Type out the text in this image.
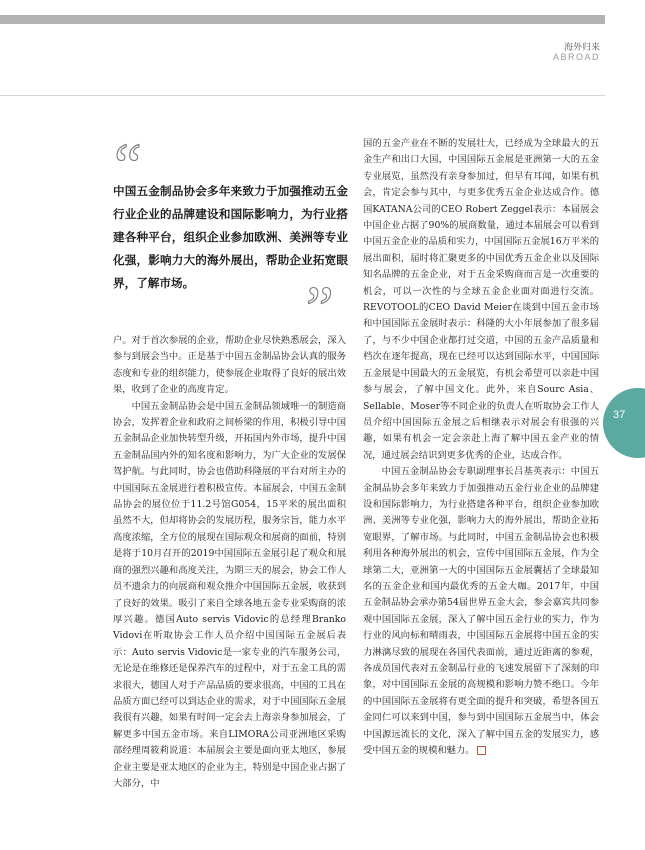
海外归来
ABROAD
“
中国五金制品协会多年来致力于加强推动五金行业企业的品牌建设和国际影响力，为行业搭建各种平台，组织企业参加欧洲、美洲等专业化强，影响力大的海外展出，帮助企业拓宽眼界，了解市场。	”

户。对于首次参展的企业，帮助企业尽快熟悉展会，深入参与到展会当中。正是基于中国五金制品协会认真的服务态度和专业的组织能力，使参展企业取得了良好的展出效果，收到了企业的高度肯定。

中国五金制品协会是中国五金制品领域唯一的制造商协会，发挥着企业和政府之间桥梁的作用，积极引导中国五金制品企业加快转型升级，开拓国内外市场，提升中国五金制品国内外的知名度和影响力，为广大企业的发展保驾护航。与此同时，协会也借助科隆展的平台对所主办的中国国际五金展进行着积极宣传。本届展会，中国五金制品协会的展位位于11.2号馆G054，15平米的展出面积虽然不大，但却将协会的发展历程，服务宗旨，能力水平高度浓缩，全方位的展现在国际观众和展商的面前，特别是将于10月召开的2019中国国际五金展引起了观众和展商的强烈兴趣和高度关注，为期三天的展会，协会工作人员不遗余力的向展商和观众推介中国国际五金展，收获到了良好的效果。吸引了来自全球各地五金专业采购商的浓厚兴趣。德国Auto servis Vidovic的总经理Branko Vidovi在听取协会工作人员介绍中国国际五金展后表示：Auto servis Vidovic是一家专业的汽车服务公司，无论是在维修还是保养汽车的过程中，对于五金工具的需求很大，德国人对于产品品质的要求很高，中国的工具在品质方面已经可以到达企业的需求，对于中国国际五金展我很有兴趣，如果有时间一定会去上海亲身参加展会，了解更多中国五金市场。来自LIMORA公司亚洲地区采购部经理周筱莉说道：本届展会主要是面向亚太地区，参展企业主要是亚太地区的企业为主，特别是中国企业占据了大部分，中

国的五金产业在不断的发展壮大，已经成为全球最大的五金生产和出口大国，中国国际五金展是亚洲第一大的五金专业展览，虽然没有亲身参加过，但早有耳闻，如果有机会，肯定会参与其中，与更多优秀五金企业达成合作。德国KATANA公司的CEO Robert Zeggel表示：本届展会中国企业占据了90%的展商数量，通过本届展会可以看到中国五金企业的品质和实力，中国国际五金展16万平米的展出面积，届时将汇聚更多的中国优秀五金企业以及国际知名品牌的五金企业，对于五金采购商而言是一次重要的机会，可以一次性的与全球五金企业面对面进行交流。REVOTOOL的CEO David Meier在谈到中国五金市场和中国国际五金展时表示：科隆的大小年展参加了很多届了，与不少中国企业都打过交道，中国的五金产品质量和档次在逐年提高，现在已经可以达到国际水平，中国国际五金展是中国最大的五金展览，有机会希望可以亲赴中国参与展会，了解中国文化。此外，来自Sourc Asia、Sellable、Moser等不同企业的负责人在听取协会工作人员介绍中国国际五金展之后相继表示对展会有很强的兴趣，如果有机会一定会亲赴上海了解中国五金产业的情况，通过展会结识到更多优秀的企业，达成合作。

中国五金制品协会专职副理事长吕基英表示：中国五金制品协会多年来致力于加强推动五金行业企业的品牌建设和国际影响力，为行业搭建各种平台，组织企业参加欧洲、美洲等专业化强，影响力大的海外展出，帮助企业拓宽眼界，了解市场。与此同时，中国五金制品协会也积极利用各种海外展出的机会，宣传中国国际五金展，作为全球第二大，亚洲第一大的中国国际五金展囊括了全球最知名的五金企业和国内最优秀的五金大咖。2017年，中国五金制品协会承办第54届世界五金大会，参会嘉宾共同参观中国国际五金展，深入了解中国五金行业的实力，作为行业的风向标和晴雨表，中国国际五金展将中国五金的实力淋漓尽致的展现在各国代表面前，通过近距离的参观，各成员国代表对五金制品行业的飞速发展留下了深刻的印象，对中国国际五金展的高规模和影响力赞不绝口。今年的中国国际五金展将有更全面的提升和突破，希望各国五金同仁可以来到中国，参与到中国国际五金展当中，体会中国源远流长的文化，深入了解中国五金的发展实力，感受中国五金的规模和魅力。

37
